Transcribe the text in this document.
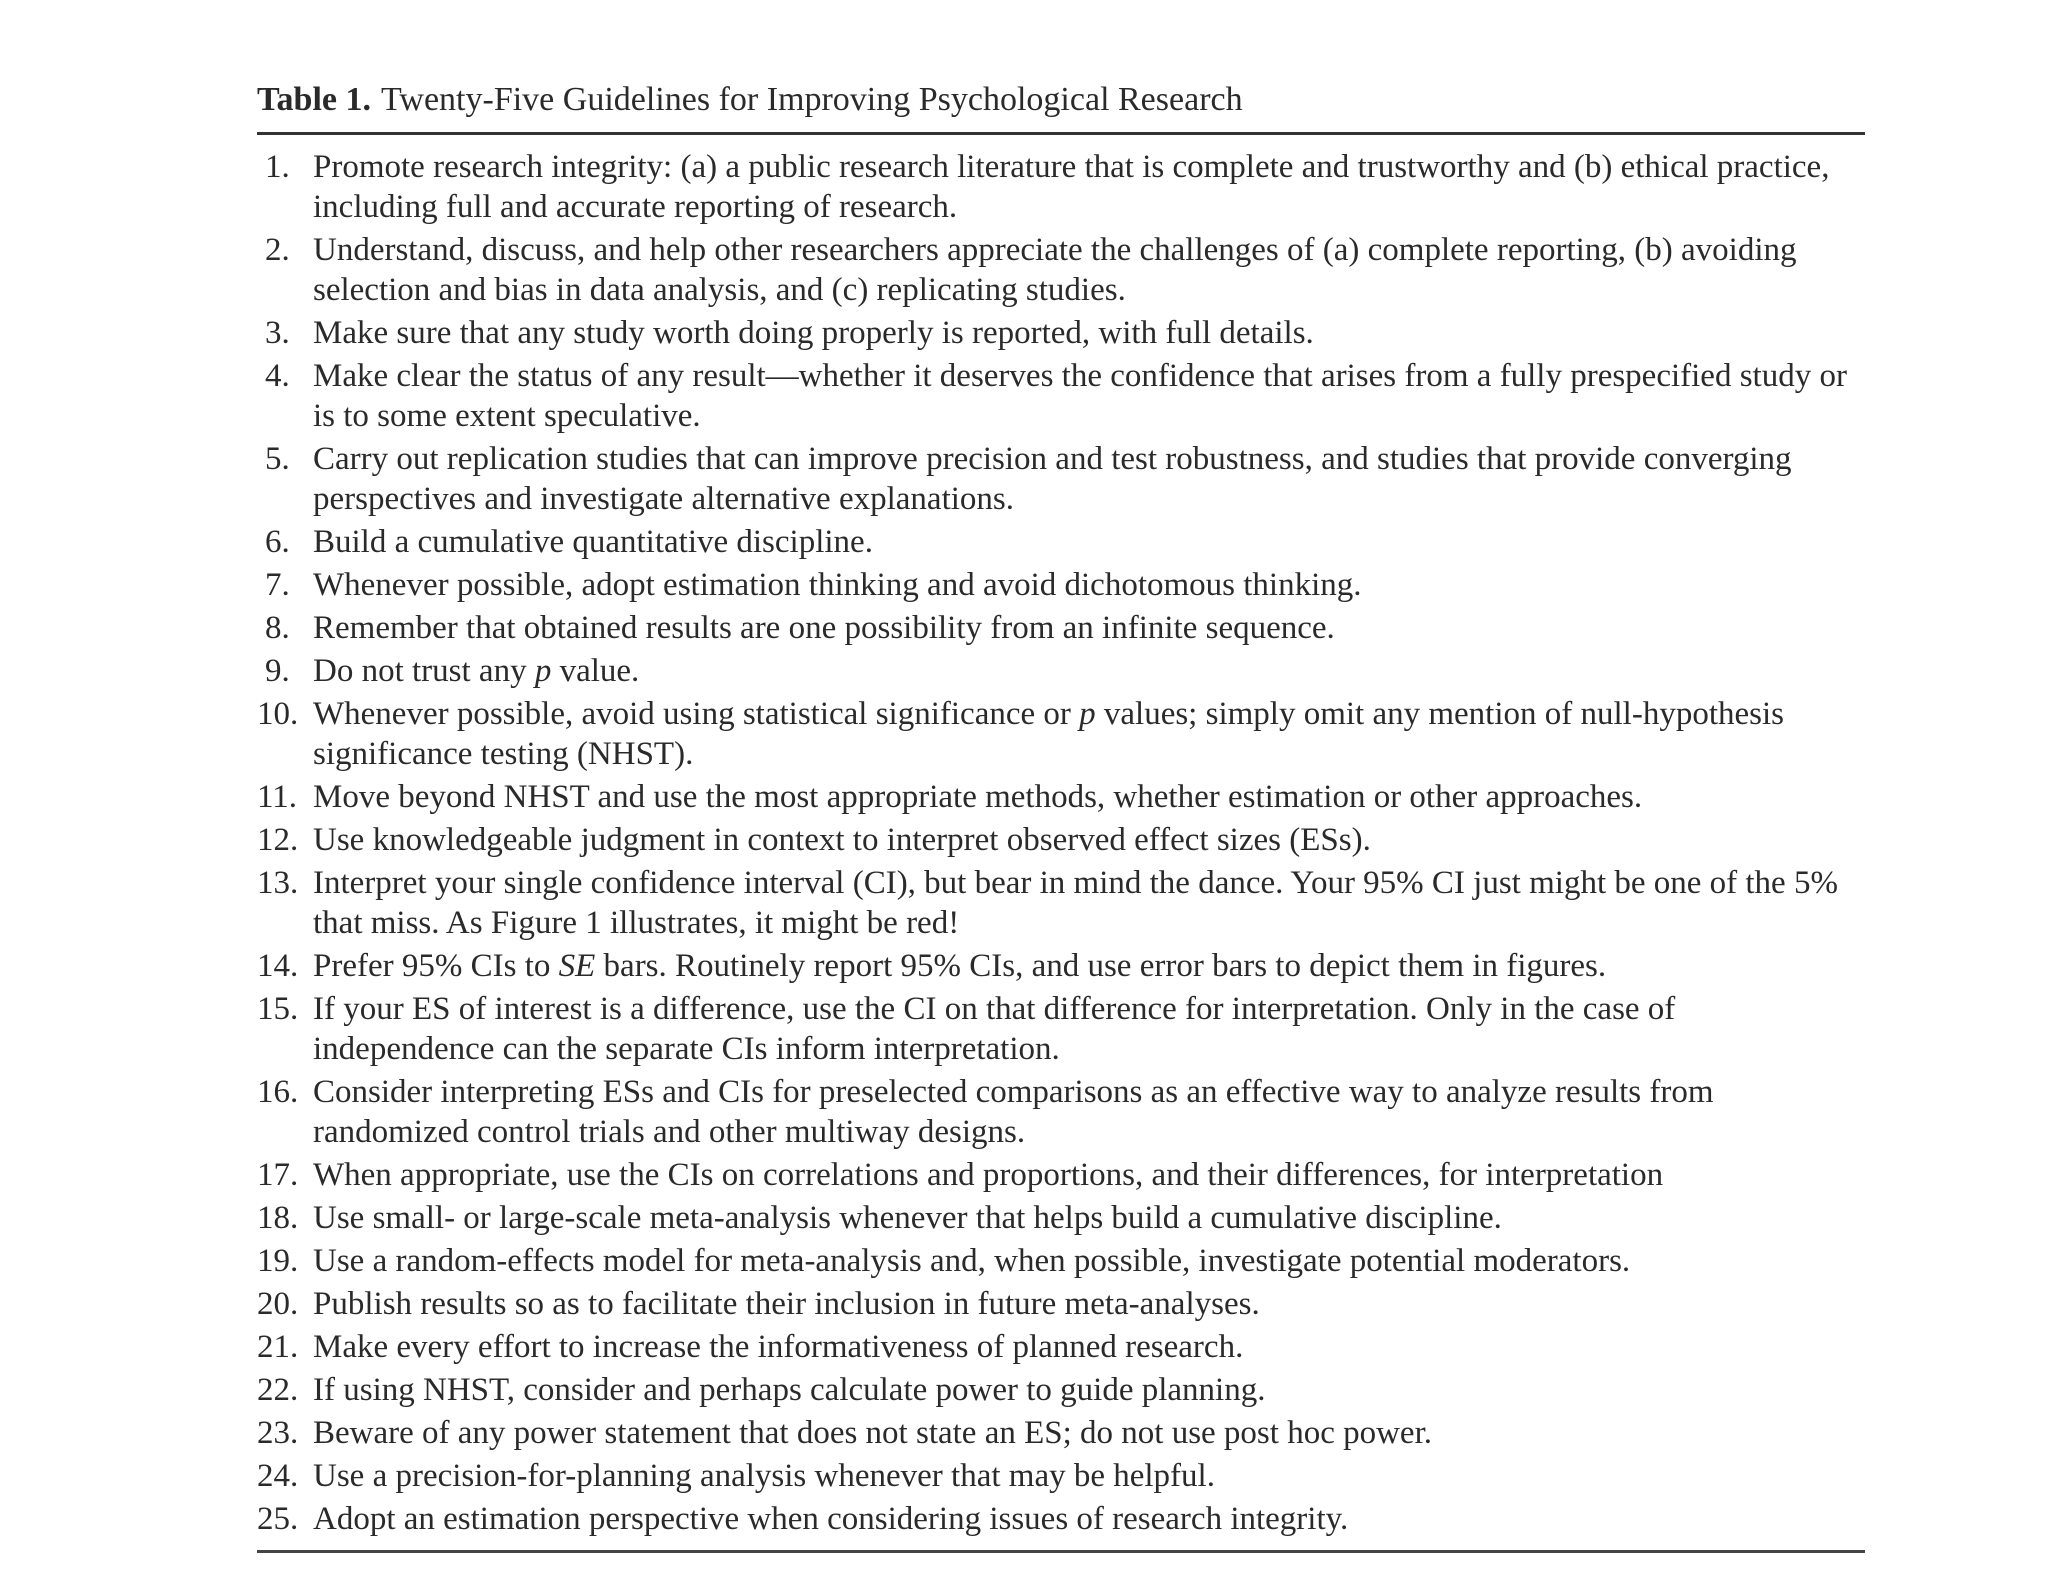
Table 1. Twenty-Five Guidelines for Improving Psychological Research
1. Promote research integrity: (a) a public research literature that is complete and trustworthy and (b) ethical practice, including full and accurate reporting of research.
2. Understand, discuss, and help other researchers appreciate the challenges of (a) complete reporting, (b) avoiding selection and bias in data analysis, and (c) replicating studies.
3. Make sure that any study worth doing properly is reported, with full details.
4. Make clear the status of any result—whether it deserves the confidence that arises from a fully prespecified study or is to some extent speculative.
5. Carry out replication studies that can improve precision and test robustness, and studies that provide converging perspectives and investigate alternative explanations.
6. Build a cumulative quantitative discipline.
7. Whenever possible, adopt estimation thinking and avoid dichotomous thinking.
8. Remember that obtained results are one possibility from an infinite sequence.
9. Do not trust any p value.
10. Whenever possible, avoid using statistical significance or p values; simply omit any mention of null-hypothesis significance testing (NHST).
11. Move beyond NHST and use the most appropriate methods, whether estimation or other approaches.
12. Use knowledgeable judgment in context to interpret observed effect sizes (ESs).
13. Interpret your single confidence interval (CI), but bear in mind the dance. Your 95% CI just might be one of the 5% that miss. As Figure 1 illustrates, it might be red!
14. Prefer 95% CIs to SE bars. Routinely report 95% CIs, and use error bars to depict them in figures.
15. If your ES of interest is a difference, use the CI on that difference for interpretation. Only in the case of independence can the separate CIs inform interpretation.
16. Consider interpreting ESs and CIs for preselected comparisons as an effective way to analyze results from randomized control trials and other multiway designs.
17. When appropriate, use the CIs on correlations and proportions, and their differences, for interpretation
18. Use small- or large-scale meta-analysis whenever that helps build a cumulative discipline.
19. Use a random-effects model for meta-analysis and, when possible, investigate potential moderators.
20. Publish results so as to facilitate their inclusion in future meta-analyses.
21. Make every effort to increase the informativeness of planned research.
22. If using NHST, consider and perhaps calculate power to guide planning.
23. Beware of any power statement that does not state an ES; do not use post hoc power.
24. Use a precision-for-planning analysis whenever that may be helpful.
25. Adopt an estimation perspective when considering issues of research integrity.
